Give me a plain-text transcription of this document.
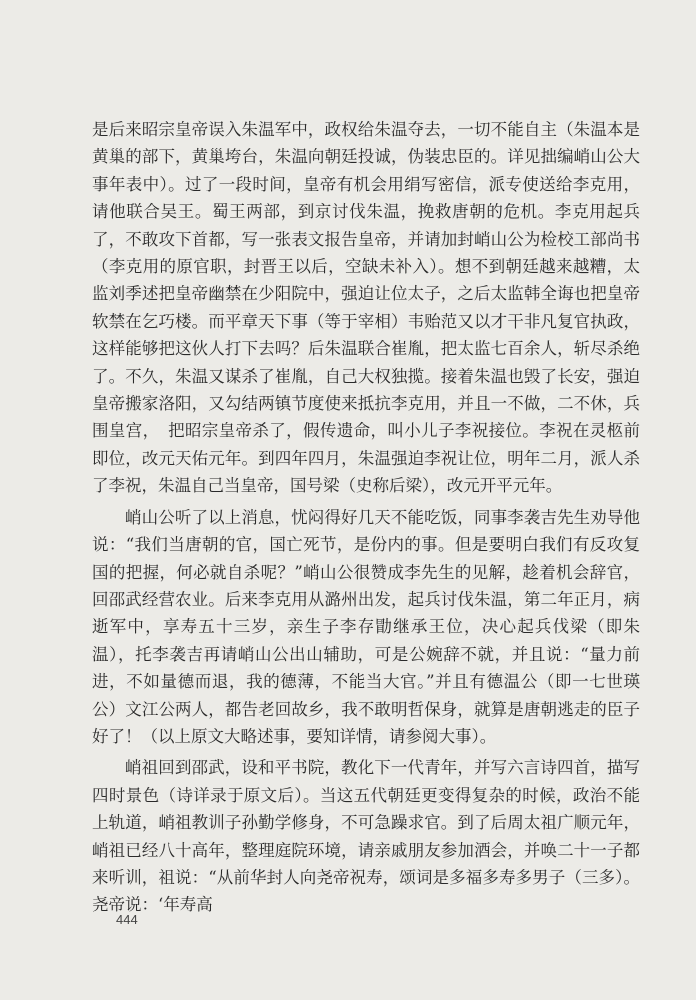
是后来昭宗皇帝误入朱温军中，政权给朱温夺去，一切不能自主（朱温本是黄巢的部下，黄巢垮台，朱温向朝廷投诚，伪装忠臣的。详见拙编峭山公大事年表中）。过了一段时间，皇帝有机会用绢写密信，派专使送给李克用，请他联合吴王。蜀王两部，到京讨伐朱温，挽救唐朝的危机。李克用起兵了，不敢攻下首都，写一张表文报告皇帝，并请加封峭山公为检校工部尚书（李克用的原官职，封晋王以后，空缺未补入）。想不到朝廷越来越糟，太监刘季述把皇帝幽禁在少阳院中，强迫让位太子，之后太监韩全诲也把皇帝软禁在乞巧楼。而平章天下事（等于宰相）韦贻范又以才干非凡复官执政，这样能够把这伙人打下去吗？后朱温联合崔胤，把太监七百余人，斩尽杀绝了。不久，朱温又谋杀了崔胤，自己大权独揽。接着朱温也毁了长安，强迫皇帝搬家洛阳，又勾结两镇节度使来抵抗李克用，并且一不做，二不休，兵围皇宫，　把昭宗皇帝杀了，假传遗命，叫小儿子李祝接位。李祝在灵柩前即位，改元天佑元年。到四年四月，朱温强迫李祝让位，明年二月，派人杀了李祝，朱温自己当皇帝，国号梁（史称后梁），改元开平元年。

峭山公听了以上消息，忧闷得好几天不能吃饭，同事李袭吉先生劝导他说：“我们当唐朝的官，国亡死节，是份内的事。但是要明白我们有反攻复国的把握，何必就自杀呢？”峭山公很赞成李先生的见解，趁着机会辞官，回邵武经营农业。后来李克用从潞州出发，起兵讨伐朱温，第二年正月，病逝军中，享寿五十三岁，亲生子李存勖继承王位，决心起兵伐梁（即朱温），托李袭吉再请峭山公出山辅助，可是公婉辞不就，并且说：“量力前进，不如量德而退，我的德薄，不能当大官。”并且有德温公（即一七世瑛公）文江公两人，都告老回故乡，我不敢明哲保身，就算是唐朝逃走的臣子好了！（以上原文大略述事，要知详情，请参阅大事）。

峭祖回到邵武，设和平书院，教化下一代青年，并写六言诗四首，描写四时景色（诗详录于原文后）。当这五代朝廷更变得复杂的时候，政治不能上轨道，峭祖教训子孙勤学修身，不可急躁求官。到了后周太祖广顺元年，峭祖已经八十高年，整理庭院环境，请亲戚朋友参加酒会，并唤二十一子都来听训，祖说：“从前华封人向尧帝祝寿，颂词是多福多寿多男子（三多）。尧帝说：‘年寿高

444
